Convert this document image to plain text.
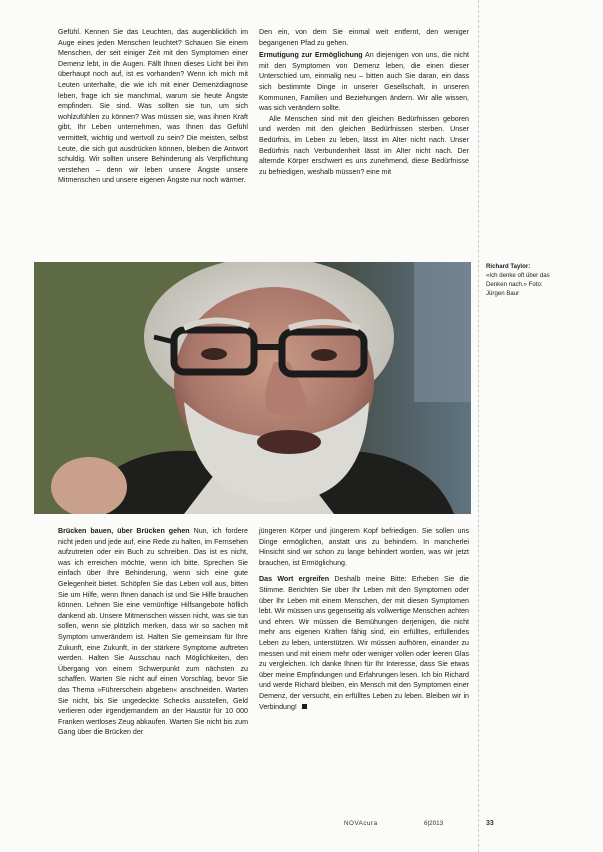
Gefühl. Kennen Sie das Leuchten, das augenblicklich im Auge eines jeden Menschen leuchtet? Schauen Sie einem Menschen, der seit einiger Zeit mit den Symptomen einer Demenz lebt, in die Augen. Fällt Ihnen dieses Licht bei ihm überhaupt noch auf, ist es vorhanden? Wenn ich mich mit Leuten unterhalte, die wie ich mit einer Demenzdiagnose leben, frage ich sie manchmal, warum sie heute Ängste empfinden. Sie sind. Was sollten sie tun, um sich wohlzufühlen zu können? Was müssen sie, was ihnen Kraft gibt, Ihr Leben unternehmen, was Ihnen das Gefühl vermittelt, wichtig und wertvoll zu sein? Die meisten, selbst Leute, die sich gut ausdrücken können, bleiben die Antwort schuldig. Wir sollten unsere Behinderung als Verpflichtung verstehen – denn wir leben unsere Ängste unsere Mitmenschen und unsere eigenen Ängste nur noch wärmer.

Den ein, von dem Sie einmal weit entfernt, den weniger begangenen Pfad zu gehen.

Ermutigung zur Ermöglichung An diejenigen von uns, die nicht mit den Symptomen von Demenz leben, die einen dieser Unterschied um, einmalig neu – bitten auch Sie daran, ein dass sich bestimmte Dinge in unserer Gesellschaft, in unseren Kommunen, Familien und Beziehungen ändern. Wir alle wissen, was sich verändern sollte.

Alle Menschen sind mit den gleichen Bedürfnissen geboren und werden mit den gleichen Bedürfnissen sterben. Unser Bedürfnis, im Leben zu leben, lässt im Alter nicht nach. Unser Bedürfnis nach Verbundenheit lässt im Alter nicht nach. Der alternde Körper erschwert es uns zunehmend, diese Bedürfnisse zu befriedigen, weshalb müssen? eine mit

Richard Taylor:
«Ich denke oft über das Denken nach.» Foto: Jürgen Baur

Brücken bauen, über Brücken gehen Nun, ich fordere nicht jeden und jede auf, eine Rede zu halten, im Fernsehen aufzutreten oder ein Buch zu schreiben. Das ist es nicht, was ich erreichen möchte, wenn ich bitte. Sprechen Sie einfach über Ihre Behinderung, wenn sich eine gute Gelegenheit bietet. Schöpfen Sie das Leben voll aus, bitten Sie um Hilfe, wenn Ihnen danach ist und Sie Hilfe brauchen können. Lehnen Sie eine vernünftige Hilfsangebote höflich dankend ab. Unsere Mitmenschen wissen nicht, was sie tun sollen, wenn sie plötzlich merken, dass wir so sachen mit Symptom umverändern ist. Halten Sie gemeinsam für Ihre Zukunft, eine Zukunft, in der stärkere Symptome auftreten werden. Halten Sie Ausschau nach Möglichkeiten, den Übergang von einem Schwerpunkt zum nächsten zu schaffen. Warten Sie nicht auf einen Vorschlag, bevor Sie das Thema »Führerschein abgeben« anschneiden. Warten Sie nicht, bis Sie ungedeckte Schecks ausstellen, Geld verlieren oder irgendjemandem an der Haustür für 10 000 Franken wertloses Zeug abkaufen. Warten Sie nicht bis zum Gang über die Brücken der

jüngeren Körper und jüngerem Kopf befriedigen. Sie sollen uns Dinge ermöglichen, anstatt uns zu behindern. In mancherlei Hinsicht sind wir schon zu lange behindert worden, was wir jetzt brauchen, ist Ermöglichung.

Das Wort ergreifen Deshalb meine Bitte: Erheben Sie die Stimme. Berichten Sie über Ihr Leben mit den Symptomen oder über Ihr Leben mit einem Menschen, der mit diesen Symptomen lebt. Wir müssen uns gegenseitig als vollwertige Menschen achten und ehren. Wir müssen die Bemühungen derjenigen, die nicht mehr ans eigenen Kräften fähig sind, ein erfülltes, erfüllendes Leben zu leben, unterstützen. Wir müssen aufhören, einander zu messen und mit einem mehr oder weniger vollen oder leeren Glas zu vergleichen. Ich danke Ihnen für Ihr Interesse, dass Sie etwas über meine Empfindungen und Erfahrungen lesen. Ich bin Richard und werde Richard bleiben, ein Mensch mit den Symptomen einer Demenz, der versucht, ein erfülltes Leben zu leben. Bleiben wir in Verbindung!

NOVAcura	6|2013	33
